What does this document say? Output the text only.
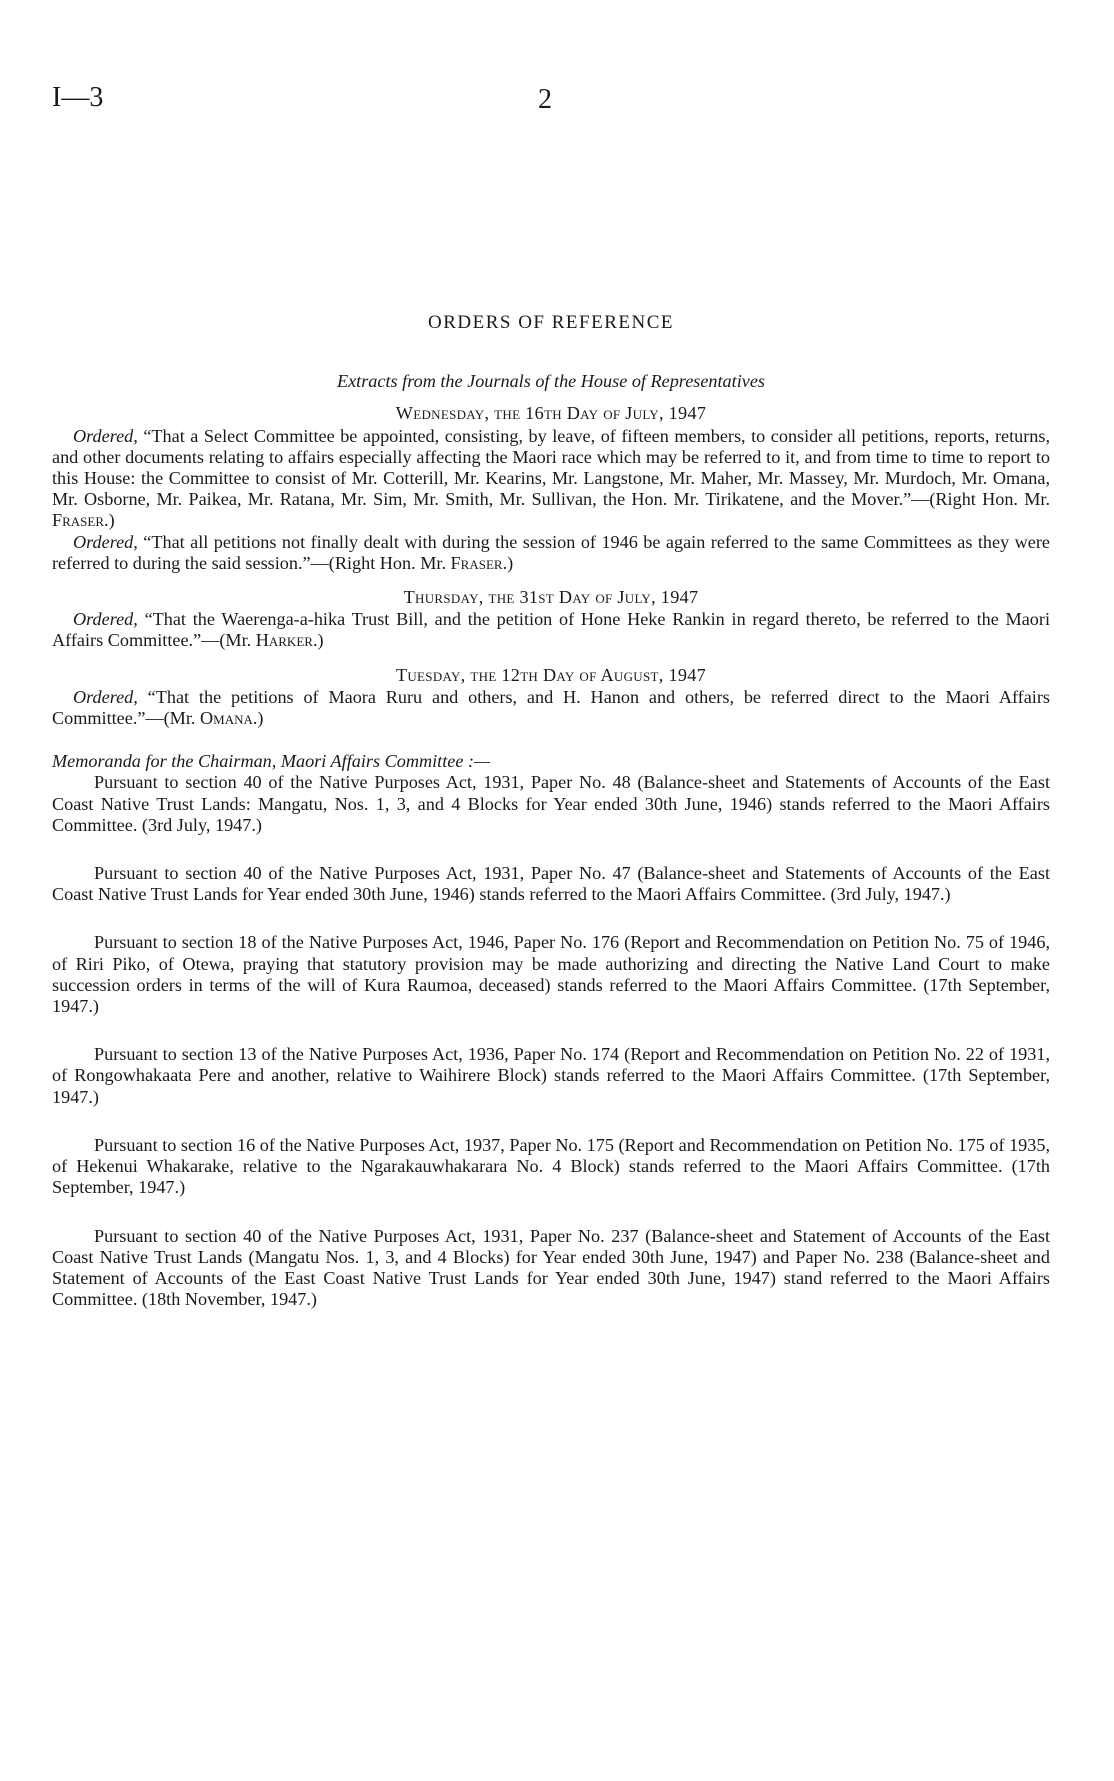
I—3	2
ORDERS OF REFERENCE
Extracts from the Journals of the House of Representatives
Wednesday, the 16th Day of July, 1947

Ordered, “That a Select Committee be appointed, consisting, by leave, of fifteen members, to consider all petitions, reports, returns, and other documents relating to affairs especially affecting the Maori race which may be referred to it, and from time to time to report to this House: the Committee to consist of Mr. Cotterill, Mr. Kearins, Mr. Langstone, Mr. Maher, Mr. Massey, Mr. Murdoch, Mr. Omana, Mr. Osborne, Mr. Paikea, Mr. Ratana, Mr. Sim, Mr. Smith, Mr. Sullivan, the Hon. Mr. Tirikatene, and the Mover.”—(Right Hon. Mr. Fraser.)

Ordered, “That all petitions not finally dealt with during the session of 1946 be again referred to the same Committees as they were referred to during the said session.”—(Right Hon. Mr. Fraser.)

Thursday, the 31st Day of July, 1947

Ordered, “That the Waerenga-a-hika Trust Bill, and the petition of Hone Heke Rankin in regard thereto, be referred to the Maori Affairs Committee.”—(Mr. Harker.)

Tuesday, the 12th Day of August, 1947

Ordered, “That the petitions of Maora Ruru and others, and H. Hanon and others, be referred direct to the Maori Affairs Committee.”—(Mr. Omana.)

Memoranda for the Chairman, Maori Affairs Committee :—

Pursuant to section 40 of the Native Purposes Act, 1931, Paper No. 48 (Balance-sheet and Statements of Accounts of the East Coast Native Trust Lands: Mangatu, Nos. 1, 3, and 4 Blocks for Year ended 30th June, 1946) stands referred to the Maori Affairs Committee. (3rd July, 1947.)

Pursuant to section 40 of the Native Purposes Act, 1931, Paper No. 47 (Balance-sheet and Statements of Accounts of the East Coast Native Trust Lands for Year ended 30th June, 1946) stands referred to the Maori Affairs Committee. (3rd July, 1947.)

Pursuant to section 18 of the Native Purposes Act, 1946, Paper No. 176 (Report and Recommendation on Petition No. 75 of 1946, of Riri Piko, of Otewa, praying that statutory provision may be made authorizing and directing the Native Land Court to make succession orders in terms of the will of Kura Raumoa, deceased) stands referred to the Maori Affairs Committee. (17th September, 1947.)

Pursuant to section 13 of the Native Purposes Act, 1936, Paper No. 174 (Report and Recommendation on Petition No. 22 of 1931, of Rongowhakaata Pere and another, relative to Waihirere Block) stands referred to the Maori Affairs Committee. (17th September, 1947.)

Pursuant to section 16 of the Native Purposes Act, 1937, Paper No. 175 (Report and Recommendation on Petition No. 175 of 1935, of Hekenui Whakarake, relative to the Ngarakauwhakarara No. 4 Block) stands referred to the Maori Affairs Committee. (17th September, 1947.)

Pursuant to section 40 of the Native Purposes Act, 1931, Paper No. 237 (Balance-sheet and Statement of Accounts of the East Coast Native Trust Lands (Mangatu Nos. 1, 3, and 4 Blocks) for Year ended 30th June, 1947) and Paper No. 238 (Balance-sheet and Statement of Accounts of the East Coast Native Trust Lands for Year ended 30th June, 1947) stand referred to the Maori Affairs Committee. (18th November, 1947.)
